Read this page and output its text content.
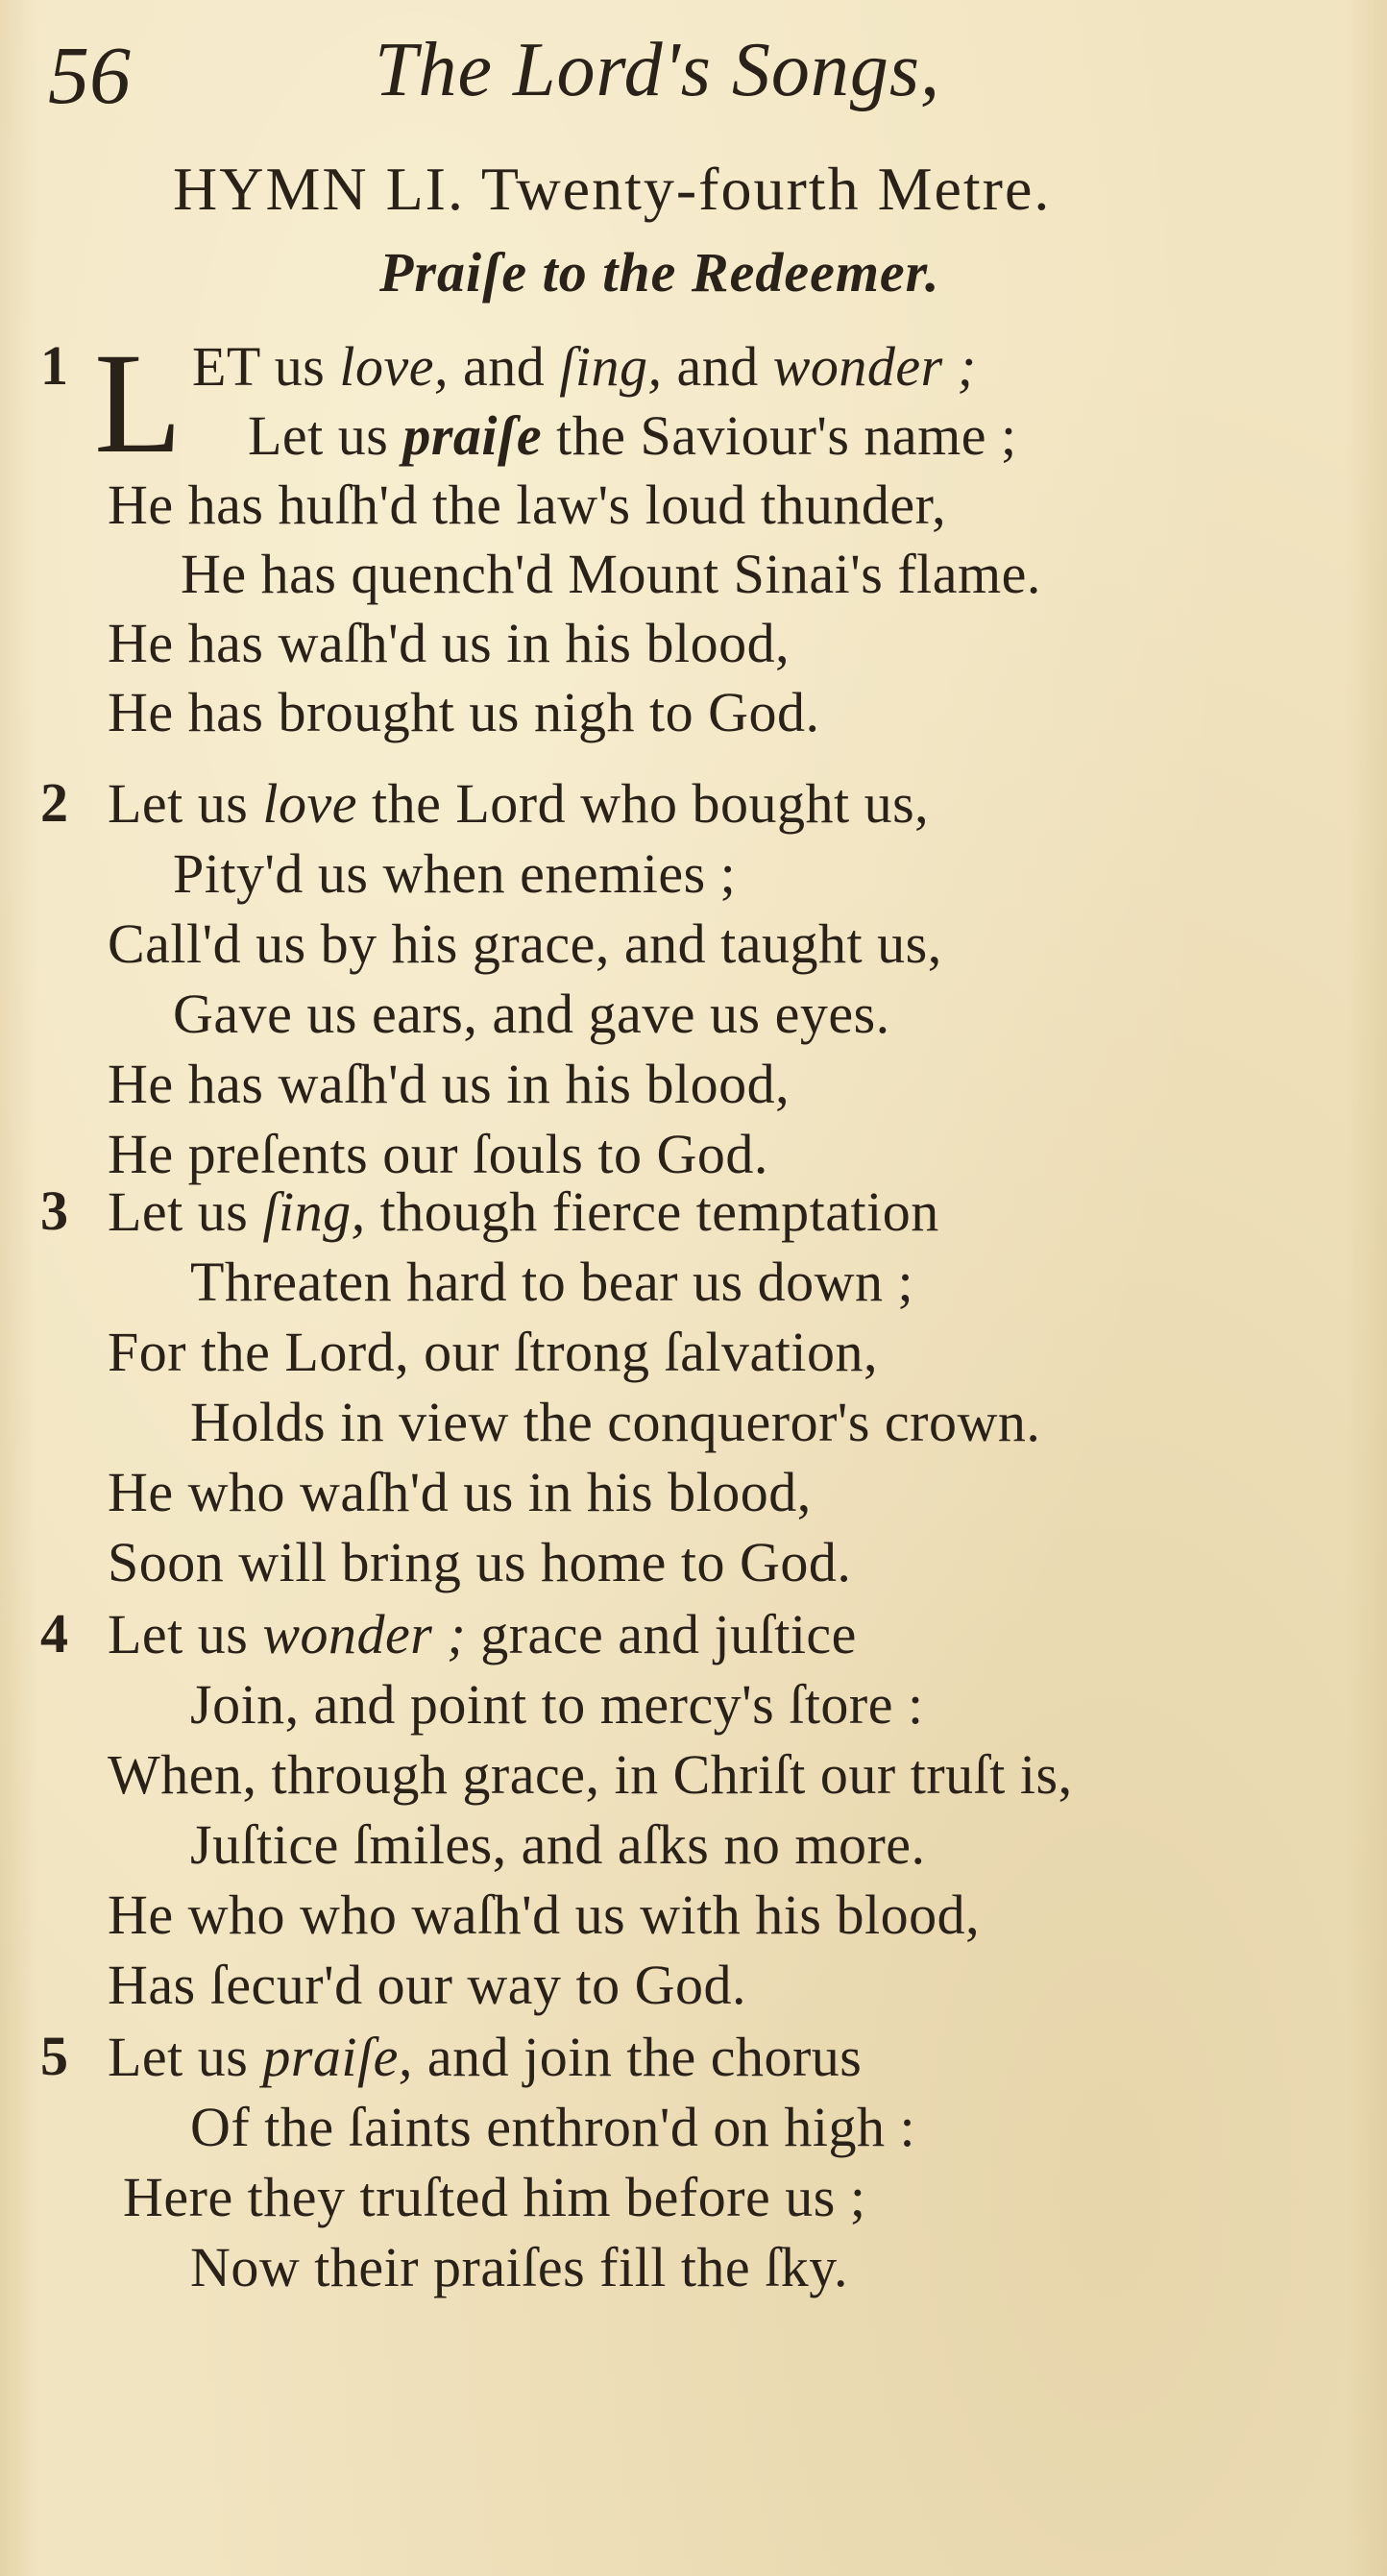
56	The Lord's Songs,
HYMN LI. Twenty-fourth Metre.
Praiſe to the Redeemer.
1 L ET us love, and ſing, and wonder ;
Let us praiſe the Saviour's name ;
He has huſh'd the law's loud thunder,
He has quench'd Mount Sinai's flame.
He has waſh'd us in his blood,
He has brought us nigh to God.
2 Let us love the Lord who bought us,
Pity'd us when enemies ;
Call'd us by his grace, and taught us,
Gave us ears, and gave us eyes.
He has waſh'd us in his blood,
He preſents our ſouls to God.
3 Let us ſing, though fierce temptation
Threaten hard to bear us down ;
For the Lord, our ſtrong ſalvation,
Holds in view the conqueror's crown.
He who waſh'd us in his blood,
Soon will bring us home to God.
4 Let us wonder ; grace and juſtice
Join, and point to mercy's ſtore :
When, through grace, in Chriſt our truſt is,
Juſtice ſmiles, and aſks no more.
He who who waſh'd us with his blood,
Has ſecur'd our way to God.
5 Let us praiſe, and join the chorus
Of the ſaints enthron'd on high :
Here they truſted him before us ;
Now their praiſes fill the ſky.
